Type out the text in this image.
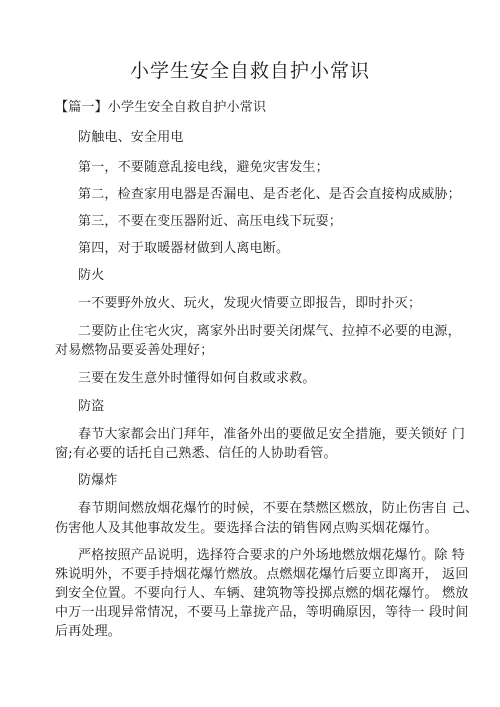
小学生安全自救自护小常识

【篇一】小学生安全自救自护小常识

防触电、安全用电

第一，不要随意乱接电线，避免灾害发生；

第二，检查家用电器是否漏电、是否老化、是否会直接构成威胁；

第三，不要在变压器附近、高压电线下玩耍；

第四，对于取暖器材做到人离电断。

防火

一不要野外放火、玩火，发现火情要立即报告，即时扑灭；

二要防止住宅火灾，离家外出时要关闭煤气、拉掉不必要的电源，

对易燃物品要妥善处理好；

三要在发生意外时懂得如何自救或求救。

防盗

春节大家都会出门拜年，准备外出的要做足安全措施，要关锁好 门

窗;有必要的话托自己熟悉、信任的人协助看管。

防爆炸

春节期间燃放烟花爆竹的时候，不要在禁燃区燃放，防止伤害自 己、

伤害他人及其他事故发生。要选择合法的销售网点购买烟花爆竹。

严格按照产品说明，选择符合要求的户外场地燃放烟花爆竹。除 特

殊说明外，不要手持烟花爆竹燃放。点燃烟花爆竹后要立即离开， 返回

到安全位置。不要向行人、车辆、建筑物等投掷点燃的烟花爆竹。 燃放

中万一出现异常情况，不要马上靠拢产品，等明确原因，等待一 段时间

后再处理。
